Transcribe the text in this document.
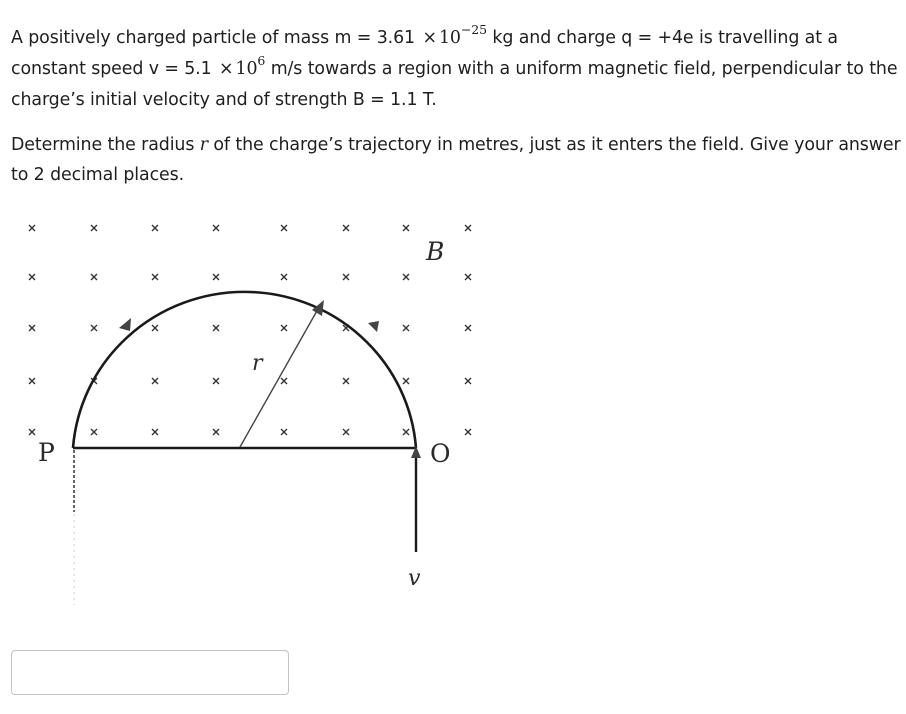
A positively charged particle of mass $m = 3.61 \times 10^{-25}$ kg and charge q = +4e is travelling at a constant speed $v = 5.1 \times 10^6$ m/s towards a region with a uniform magnetic field, perpendicular to the charge’s initial velocity and of strength B = 1.1 T.
Determine the radius r of the charge’s trajectory in metres, just as it enters the field. Give your answer to 2 decimal places.
B
P	O
r
v
